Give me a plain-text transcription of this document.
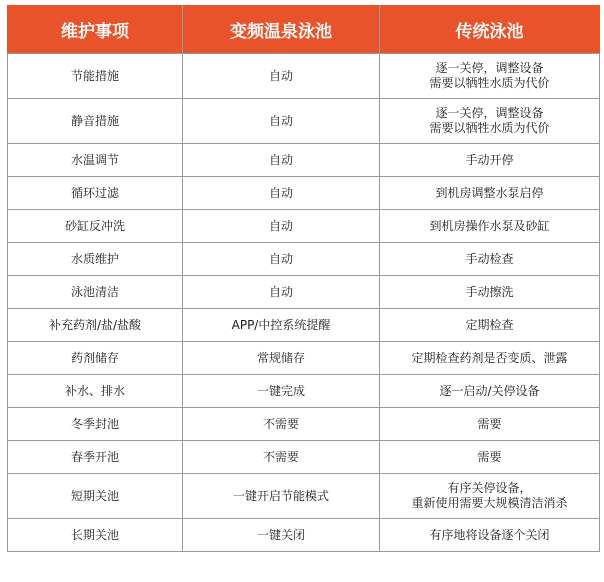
维护事项	变频温泉泳池	传统泳池
节能措施	自动	逐一关停，调整设备
需要以牺牲水质为代价

静音措施	自动	逐一关停，调整设备
需要以牺牲水质为代价

水温调节	自动	手动开停

循环过滤	自动	到机房调整水泵启停

砂缸反冲洗	自动	到机房操作水泵及砂缸

水质维护	自动	手动检查

泳池清洁	自动	手动擦洗

补充药剂/盐/盐酸	APP/中控系统提醒	定期检查

药剂储存	常规储存	定期检查药剂是否变质、泄露

补水、排水	一键完成	逐一启动/关停设备

冬季封池	不需要	需要

春季开池	不需要	需要

短期关池	一键开启节能模式	有序关停设备，
重新使用需要大规模清洁消杀

长期关池	一键关闭	有序地将设备逐个关闭
